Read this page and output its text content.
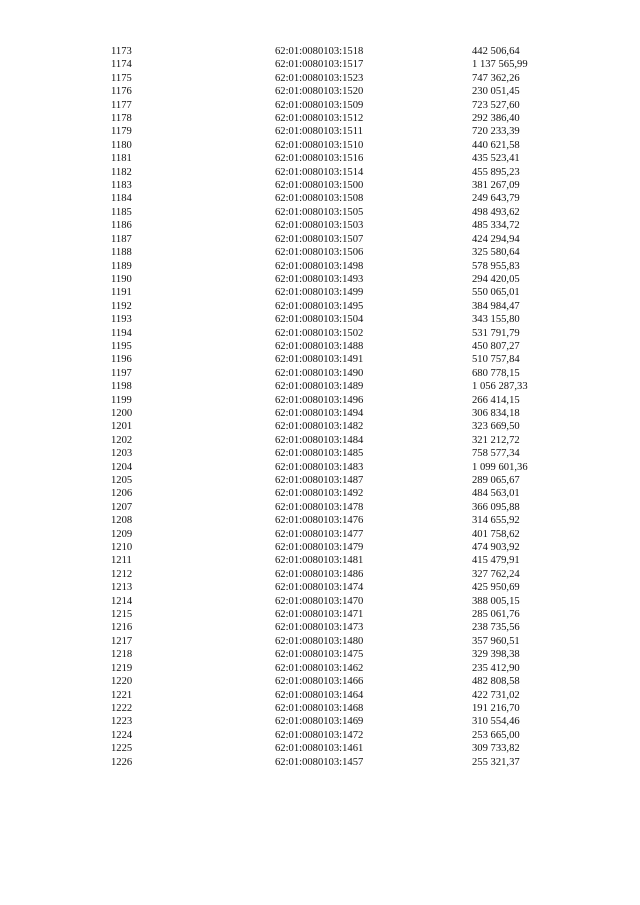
1173	62:01:0080103:1518	442 506,64
1174	62:01:0080103:1517	1 137 565,99
1175	62:01:0080103:1523	747 362,26
1176	62:01:0080103:1520	230 051,45
1177	62:01:0080103:1509	723 527,60
1178	62:01:0080103:1512	292 386,40
1179	62:01:0080103:1511	720 233,39
1180	62:01:0080103:1510	440 621,58
1181	62:01:0080103:1516	435 523,41
1182	62:01:0080103:1514	455 895,23
1183	62:01:0080103:1500	381 267,09
1184	62:01:0080103:1508	249 643,79
1185	62:01:0080103:1505	498 493,62
1186	62:01:0080103:1503	485 334,72
1187	62:01:0080103:1507	424 294,94
1188	62:01:0080103:1506	325 580,64
1189	62:01:0080103:1498	578 955,83
1190	62:01:0080103:1493	294 420,05
1191	62:01:0080103:1499	550 065,01
1192	62:01:0080103:1495	384 984,47
1193	62:01:0080103:1504	343 155,80
1194	62:01:0080103:1502	531 791,79
1195	62:01:0080103:1488	450 807,27
1196	62:01:0080103:1491	510 757,84
1197	62:01:0080103:1490	680 778,15
1198	62:01:0080103:1489	1 056 287,33
1199	62:01:0080103:1496	266 414,15
1200	62:01:0080103:1494	306 834,18
1201	62:01:0080103:1482	323 669,50
1202	62:01:0080103:1484	321 212,72
1203	62:01:0080103:1485	758 577,34
1204	62:01:0080103:1483	1 099 601,36
1205	62:01:0080103:1487	289 065,67
1206	62:01:0080103:1492	484 563,01
1207	62:01:0080103:1478	366 095,88
1208	62:01:0080103:1476	314 655,92
1209	62:01:0080103:1477	401 758,62
1210	62:01:0080103:1479	474 903,92
1211	62:01:0080103:1481	415 479,91
1212	62:01:0080103:1486	327 762,24
1213	62:01:0080103:1474	425 950,69
1214	62:01:0080103:1470	388 005,15
1215	62:01:0080103:1471	285 061,76
1216	62:01:0080103:1473	238 735,56
1217	62:01:0080103:1480	357 960,51
1218	62:01:0080103:1475	329 398,38
1219	62:01:0080103:1462	235 412,90
1220	62:01:0080103:1466	482 808,58
1221	62:01:0080103:1464	422 731,02
1222	62:01:0080103:1468	191 216,70
1223	62:01:0080103:1469	310 554,46
1224	62:01:0080103:1472	253 665,00
1225	62:01:0080103:1461	309 733,82
1226	62:01:0080103:1457	255 321,37
